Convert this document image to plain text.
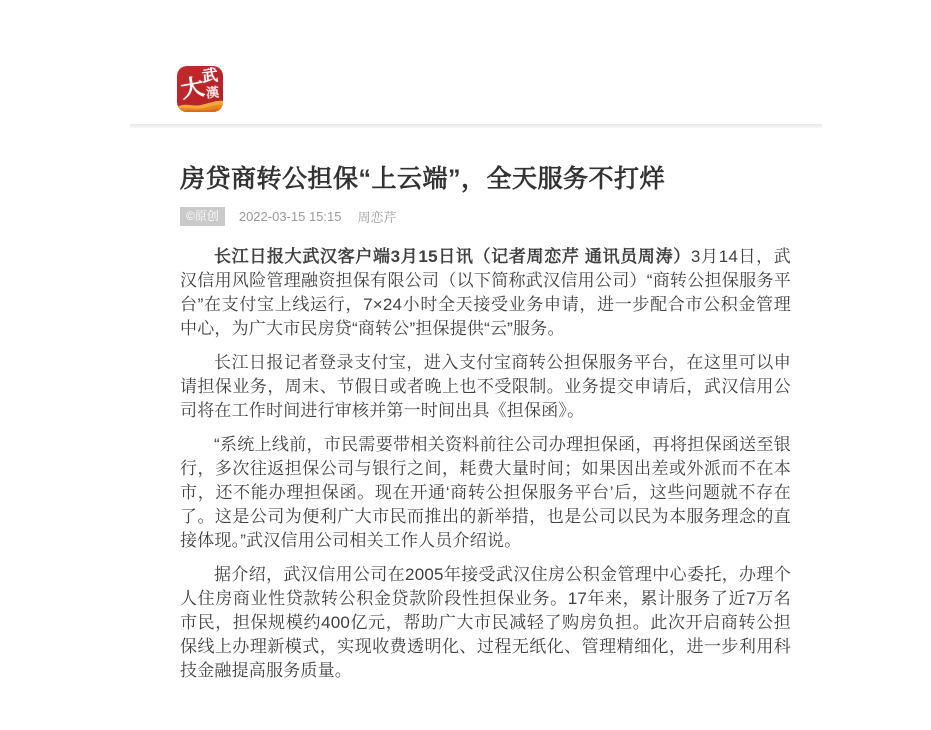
大
武
漢
房贷商转公担保“上云端”，全天服务不打烊
©原创	2022-03-15 15:15 周恋芹

长江日报大武汉客户端3月15日讯（记者周恋芹 通讯员周涛）3月14日，武汉信用风险管理融资担保有限公司（以下简称武汉信用公司）“商转公担保服务平台”在支付宝上线运行，7×24小时全天接受业务申请，进一步配合市公积金管理中心，为广大市民房贷“商转公”担保提供“云”服务。

长江日报记者登录支付宝，进入支付宝商转公担保服务平台，在这里可以申请担保业务，周末、节假日或者晚上也不受限制。业务提交申请后，武汉信用公司将在工作时间进行审核并第一时间出具《担保函》。

“系统上线前，市民需要带相关资料前往公司办理担保函，再将担保函送至银行，多次往返担保公司与银行之间，耗费大量时间；如果因出差或外派而不在本市，还不能办理担保函。现在开通‘商转公担保服务平台’后，这些问题就不存在了。这是公司为便利广大市民而推出的新举措，也是公司以民为本服务理念的直接体现。”武汉信用公司相关工作人员介绍说。

据介绍，武汉信用公司在2005年接受武汉住房公积金管理中心委托，办理个人住房商业性贷款转公积金贷款阶段性担保业务。17年来，累计服务了近7万名市民，担保规模约400亿元，帮助广大市民减轻了购房负担。此次开启商转公担保线上办理新模式，实现收费透明化、过程无纸化、管理精细化，进一步利用科技金融提高服务质量。
